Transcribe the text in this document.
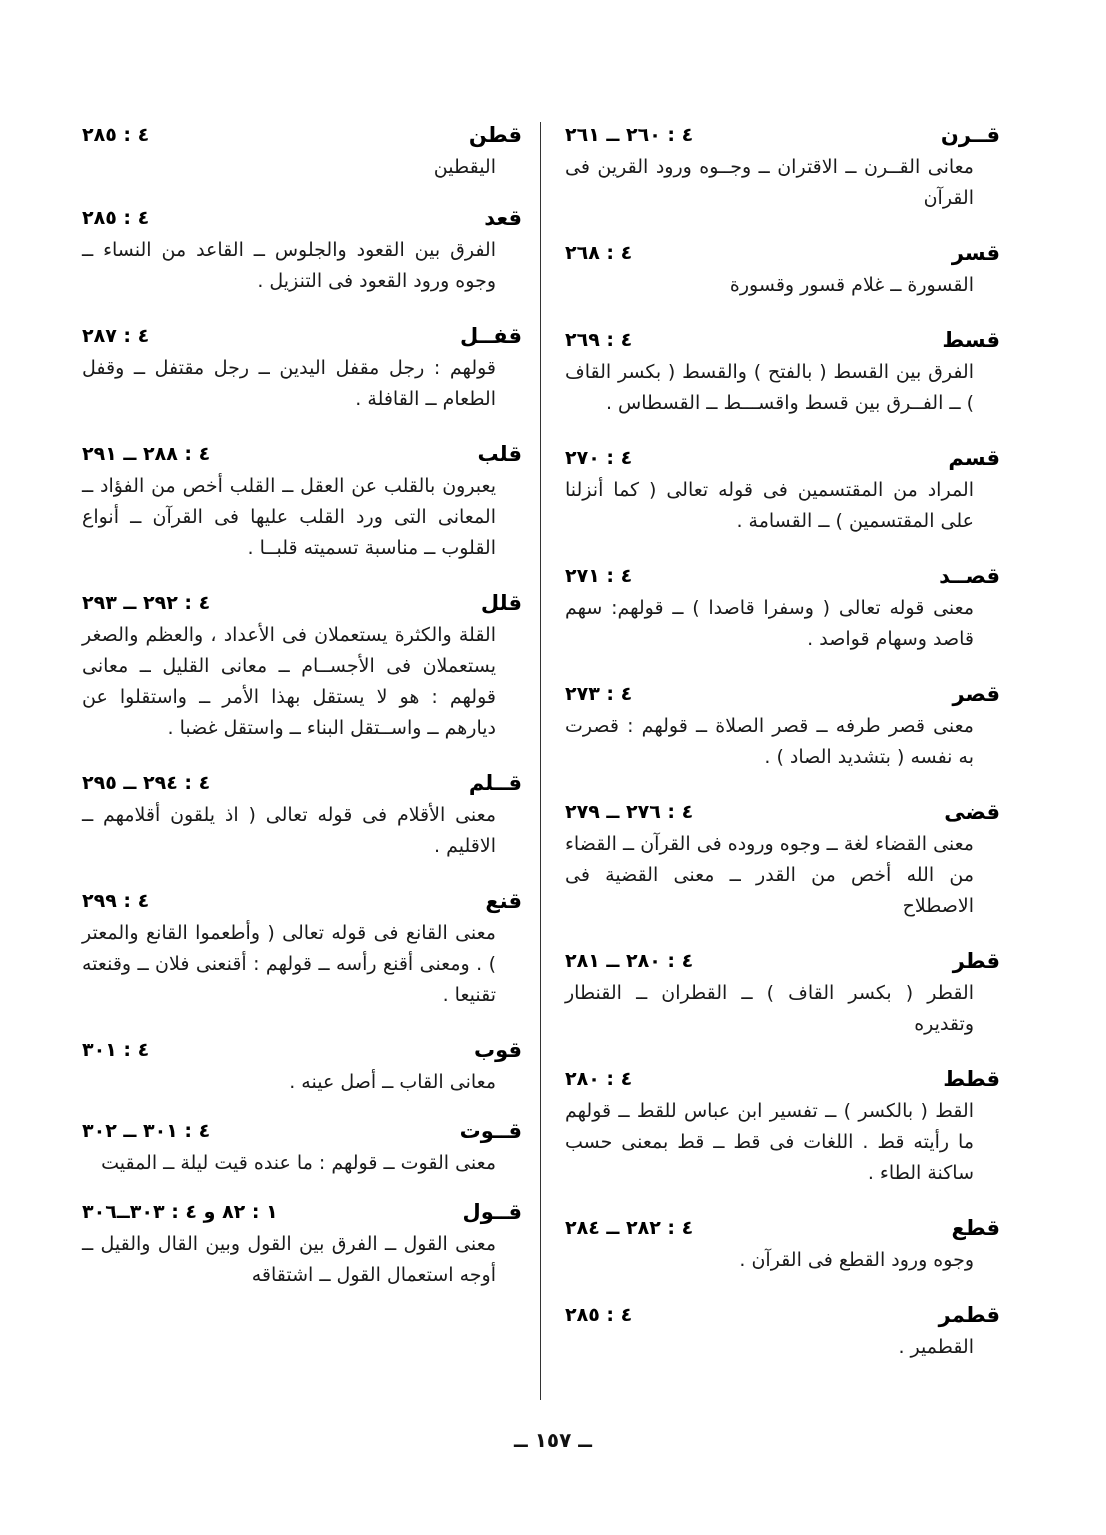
قــرن
٤ : ٢٦٠ ــ ٢٦١
معانى القــرن ــ الاقتران ــ وجــوه ورود القرين فى القرآن
قسر
٤ : ٢٦٨
القسورة ــ غلام قسور وقسورة
قسط
٤ : ٢٦٩
الفرق بين القسط ( بالفتح ) والقسط ( بكسر القاف ) ــ الفــرق بين قسط واقســـط ــ القسطاس .
قسم
٤ : ٢٧٠
المراد من المقتسمين فى قوله تعالى ( كما أنزلنا على المقتسمين ) ــ القسامة .
قصــد
٤ : ٢٧١
معنى قوله تعالى ( وسفرا قاصدا ) ــ قولهم: سهم قاصد وسهام قواصد .
قصر
٤ : ٢٧٣
معنى قصر طرفه ــ قصر الصلاة ــ قولهم : قصرت به نفسه ( بتشديد الصاد ) .
قضى
٤ : ٢٧٦ ــ ٢٧٩
معنى القضاء لغة ــ وجوه وروده فى القرآن ــ القضاء من الله أخص من القدر ــ معنى القضية فى الاصطلاح
قطر
٤ : ٢٨٠ ــ ٢٨١
القطر ( بكسر القاف ) ــ القطران ــ القنطار وتقديره
قطط
٤ : ٢٨٠
القط ( بالكسر ) ــ تفسير ابن عباس للقط ــ قولهم ما رأيته قط . اللغات فى قط ــ قط بمعنى حسب ساكنة الطاء .
قطع
٤ : ٢٨٢ ــ ٢٨٤
وجوه ورود القطع فى القرآن .
قطمر
٤ : ٢٨٥
القطمير .
قطن
٤ : ٢٨٥
اليقطين
قعد
٤ : ٢٨٥
الفرق بين القعود والجلوس ــ القاعد من النساء ــ وجوه ورود القعود فى التنزيل .
قفــل
٤ : ٢٨٧
قولهم : رجل مقفل اليدين ــ رجل مقتفل ــ وقفل الطعام ــ القافلة .
قلب
٤ : ٢٨٨ ــ ٢٩١
يعبرون بالقلب عن العقل ــ القلب أخص من الفؤاد ــ المعانى التى ورد القلب عليها فى القرآن ــ أنواع القلوب ــ مناسبة تسميته قلبــا .
قلل
٤ : ٢٩٢ ــ ٢٩٣
القلة والكثرة يستعملان فى الأعداد ، والعظم والصغر يستعملان فى الأجســام ــ معانى القليل ــ معانى قولهم : هو لا يستقل بهذا الأمر ــ واستقلوا عن ديارهم ــ واســتقل البناء ــ واستقل غضبا .
قــلم
٤ : ٢٩٤ ــ ٢٩٥
معنى الأقلام فى قوله تعالى ( اذ يلقون أقلامهم ــ الاقليم .
قنع
٤ : ٢٩٩
معنى القانع فى قوله تعالى ( وأطعموا القانع والمعتر ) . ومعنى أقنع رأسه ــ قولهم : أقنعنى فلان ــ وقنعته تقنيعا .
قوب
٤ : ٣٠١
معانى القاب ــ أصل عينه .
قــوت
٤ : ٣٠١ ــ ٣٠٢
معنى القوت ــ قولهم : ما عنده قيت ليلة ــ المقيت
قــول
١ : ٨٢ و ٤ : ٣٠٣ــ٣٠٦
معنى القول ــ الفرق بين القول وبين القال والقيل ــ أوجه استعمال القول ــ اشتقاقه
ــ ١٥٧ ــ
